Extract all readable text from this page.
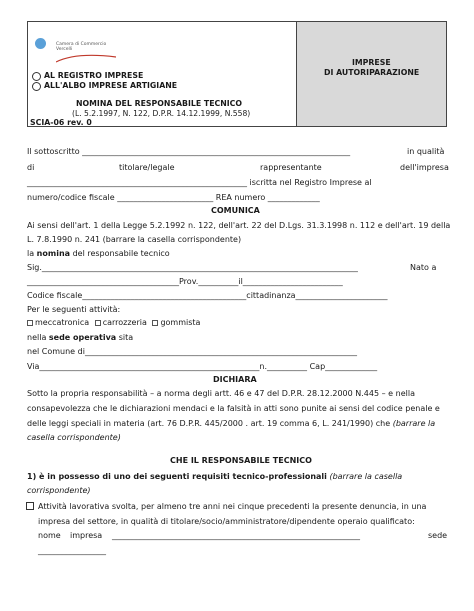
Camera di Commercio
Vercelli
AL REGISTRO IMPRESE
ALL'ALBO IMPRESE ARTIGIANE
NOMINA DEL RESPONSABILE TECNICO
(L. 5.2.1997, N. 122, D.P.R. 14.12.1999, N.558)
SCIA-06 rev. 0
IMPRESE
DI AUTORIPARAZIONE
Il sottoscritto ___________________________________________________________________	in qualità
di	titolare/legale	rappresentante	dell'impresa
_______________________________________________________ iscritta nel Registro Imprese al
numero/codice fiscale ________________________ REA numero _____________
COMUNICA
Ai sensi dell'art. 1 della Legge 5.2.1992 n. 122, dell'art. 22 del D.Lgs. 31.3.1998 n. 112 e dell'art. 19 della
L. 7.8.1990 n. 241 (barrare la casella corrispondente)
la nomina del responsabile tecnico
Sig._______________________________________________________________________________	Nato a
______________________________________Prov.__________il_________________________
Codice fiscale_________________________________________cittadinanza_______________________
Per le seguenti attività:
meccatronica carrozzeria gommista
nella sede operativa sita
nel Comune di____________________________________________________________________
Via_______________________________________________________n.__________ Cap_____________
DICHIARA
Sotto la propria responsabilità – a norma degli artt. 46 e 47 del D.P.R. 28.12.2000 N.445 – e nella
consapevolezza che le dichiarazioni mendaci e la falsità in atti sono punite ai sensi del codice penale e
delle leggi speciali in materia (art. 76 D.P.R. 445/2000 . art. 19 comma 6, L. 241/1990) che (barrare la
casella corrispondente)
CHE IL RESPONSABILE TECNICO
1) è in possesso di uno dei seguenti requisiti tecnico-professionali (barrare la casella
corrispondente)
Attività lavorativa svolta, per almeno tre anni nei cinque precedenti la presente denuncia, in una
impresa del settore, in qualità di titolare/socio/amministratore/dipendente operaio qualificato:
nome impresa ______________________________________________________________	sede
_________________
